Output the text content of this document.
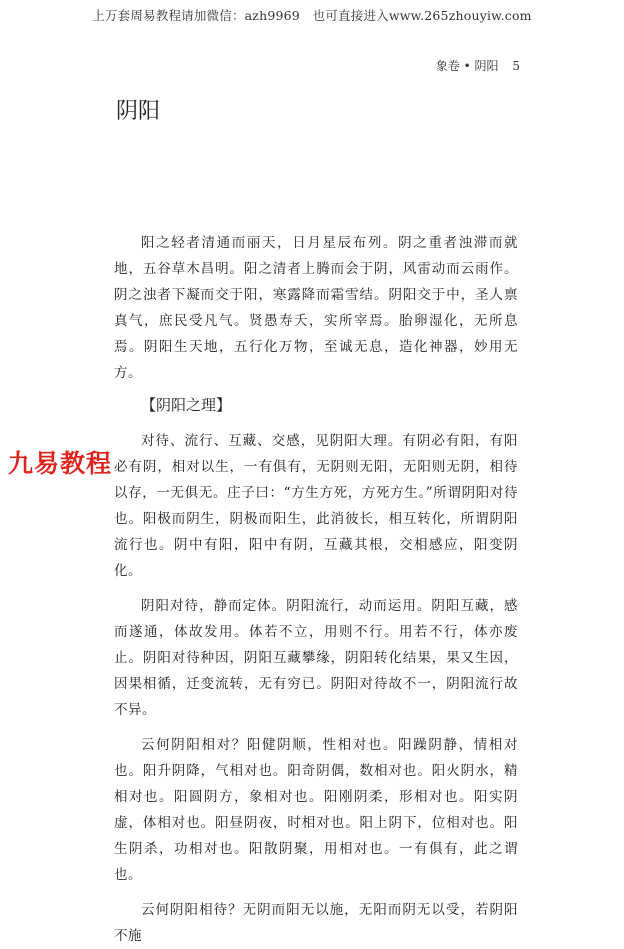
上万套周易教程请加微信：azh9969　也可直接进入www.265zhouyiw.com
象卷 • 阴阳 5
阴阳
九易教程

阳之轻者清通而丽天，日月星辰布列。阴之重者浊滞而就地，五谷草木昌明。阳之清者上腾而会于阴，风雷动而云雨作。阴之浊者下凝而交于阳，寒露降而霜雪结。阴阳交于中，圣人禀真气，庶民受凡气。贤愚寿夭，实所宰焉。胎卵湿化，无所息焉。阴阳生天地，五行化万物，至诚无息，造化神器，妙用无方。

【阴阳之理】

对待、流行、互藏、交感，见阴阳大理。有阴必有阳，有阳必有阴，相对以生，一有俱有，无阴则无阳，无阳则无阴，相待以存，一无俱无。庄子曰：“方生方死，方死方生。”所谓阴阳对待也。阳极而阴生，阴极而阳生，此消彼长，相互转化，所谓阴阳流行也。阴中有阳，阳中有阴，互藏其根，交相感应，阳变阴化。

阴阳对待，静而定体。阴阳流行，动而运用。阴阳互藏，感而遂通，体故发用。体若不立，用则不行。用若不行，体亦废止。阴阳对待种因，阴阳互藏攀缘，阴阳转化结果，果又生因，因果相循，迁变流转，无有穷已。阴阳对待故不一，阴阳流行故不异。

云何阴阳相对？阳健阴顺，性相对也。阳躁阴静，情相对也。阳升阴降，气相对也。阳奇阴偶，数相对也。阳火阴水，精相对也。阳圆阴方，象相对也。阳刚阴柔，形相对也。阳实阴虚，体相对也。阳昼阴夜，时相对也。阳上阴下，位相对也。阳生阴杀，功相对也。阳散阴聚，用相对也。一有俱有，此之谓也。

云何阴阳相待？无阴而阳无以施，无阳而阴无以受，若阴阳不施
